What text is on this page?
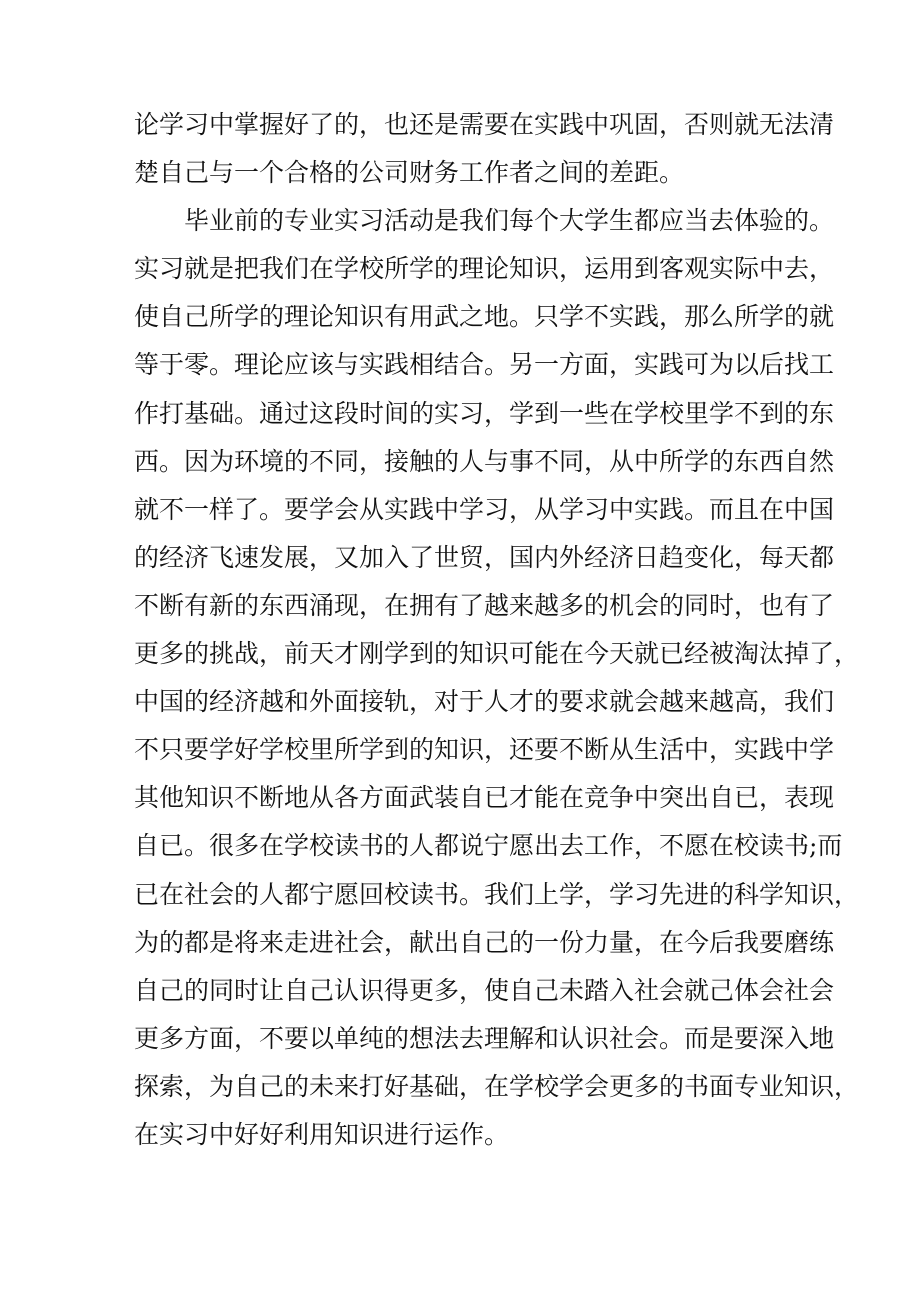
论学习中掌握好了的，也还是需要在实践中巩固，否则就无法清
楚自己与一个合格的公司财务工作者之间的差距。
毕业前的专业实习活动是我们每个大学生都应当去体验的。
实习就是把我们在学校所学的理论知识，运用到客观实际中去，
使自己所学的理论知识有用武之地。只学不实践，那么所学的就
等于零。理论应该与实践相结合。另一方面，实践可为以后找工
作打基础。通过这段时间的实习，学到一些在学校里学不到的东
西。因为环境的不同，接触的人与事不同，从中所学的东西自然
就不一样了。要学会从实践中学习，从学习中实践。而且在中国
的经济飞速发展，又加入了世贸，国内外经济日趋变化，每天都
不断有新的东西涌现，在拥有了越来越多的机会的同时，也有了
更多的挑战，前天才刚学到的知识可能在今天就已经被淘汰掉了，
中国的经济越和外面接轨，对于人才的要求就会越来越高，我们
不只要学好学校里所学到的知识，还要不断从生活中，实践中学
其他知识不断地从各方面武装自已才能在竞争中突出自已，表现
自已。很多在学校读书的人都说宁愿出去工作，不愿在校读书;而
已在社会的人都宁愿回校读书。我们上学，学习先进的科学知识，
为的都是将来走进社会，献出自己的一份力量，在今后我要磨练
自己的同时让自己认识得更多，使自己未踏入社会就己体会社会
更多方面，不要以单纯的想法去理解和认识社会。而是要深入地
探索，为自己的未来打好基础，在学校学会更多的书面专业知识，
在实习中好好利用知识进行运作。
